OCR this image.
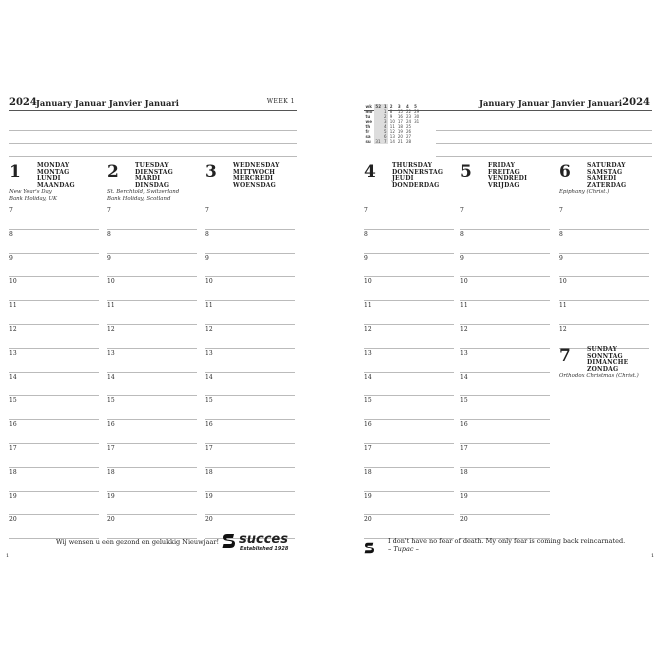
2024 January Januar Janvier Januari	WEEK 1
1	MONDAY
MONTAG
LUNDI
MAANDAG
New Year's Day
Bank Holiday, UK
7
8
9
10
11
12
13
14
15
16
17
18
19
20
2	TUESDAY
DIENSTAG
MARDI
DINSDAG
St. Berchtold, Switzerland
Bank Holiday, Scotland
7
8
9
10
11
12
13
14
15
16
17
18
19
20
3	WEDNESDAY
MITTWOCH
MERCREDI
WOENSDAG
7
8
9
10
11
12
13
14
15
16
17
18
19
20
January Januar Janvier Januari 2024
wk	52	1	2	3	4	5
mo		1	8	15	22	29
tu		2	9	16	23	30
we		3	10	17	24	31
th		4	11	18	25	
fr		5	12	19	26	
sa		6	13	20	27	
su	31	7	14	21	28	
4	THURSDAY
DONNERSTAG
JEUDI
DONDERDAG
7
8
9
10
11
12
13
14
15
16
17
18
19
20
5	FRIDAY
FREITAG
VENDREDI
VRIJDAG
7
8
9
10
11
12
13
14
15
16
17
18
19
20
6	SATURDAY
SAMSTAG
SAMEDI
ZATERDAG
Epiphany (Christ.)
7
8
9
10
11
12
7	SUNDAY
SONNTAG
DIMANCHE
ZONDAG
Orthodox Christmas (Christ.)
Wij wensen u een gezond en gelukkig Nieuwjaar! succes
Established 1928
I don't have no fear of death. My only fear is coming back reincarnated.
– Tupac –
1	1
